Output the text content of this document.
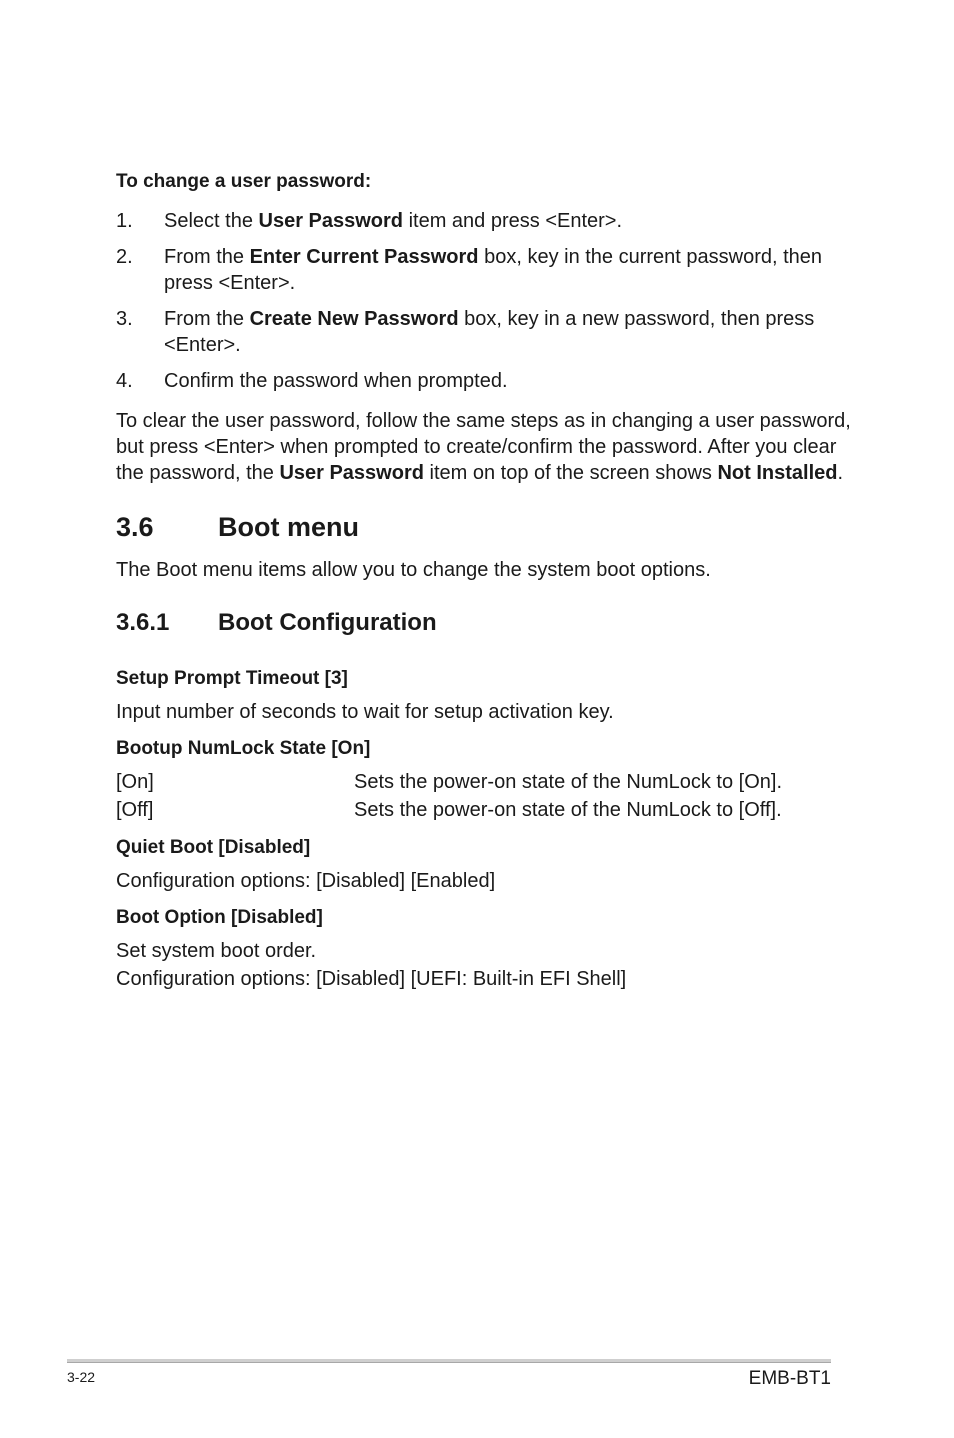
To change a user password:
1. Select the User Password item and press <Enter>.
2. From the Enter Current Password box, key in the current password, then
press <Enter>.
3. From the Create New Password box, key in a new password, then press
<Enter>.
4. Confirm the password when prompted.
To clear the user password, follow the same steps as in changing a user password,
but press <Enter> when prompted to create/confirm the password. After you clear
the password, the User Password item on top of the screen shows Not Installed.
3.6 Boot menu
The Boot menu items allow you to change the system boot options.
3.6.1 Boot Configuration
Setup Prompt Timeout [3]
Input number of seconds to wait for setup activation key.
Bootup NumLock State [On]
[On]	Sets the power-on state of the NumLock to [On].
[Off]	Sets the power-on state of the NumLock to [Off].
Quiet Boot [Disabled]
Configuration options: [Disabled] [Enabled]
Boot Option [Disabled]
Set system boot order.
Configuration options: [Disabled] [UEFI: Built-in EFI Shell]
3-22	EMB-BT1
